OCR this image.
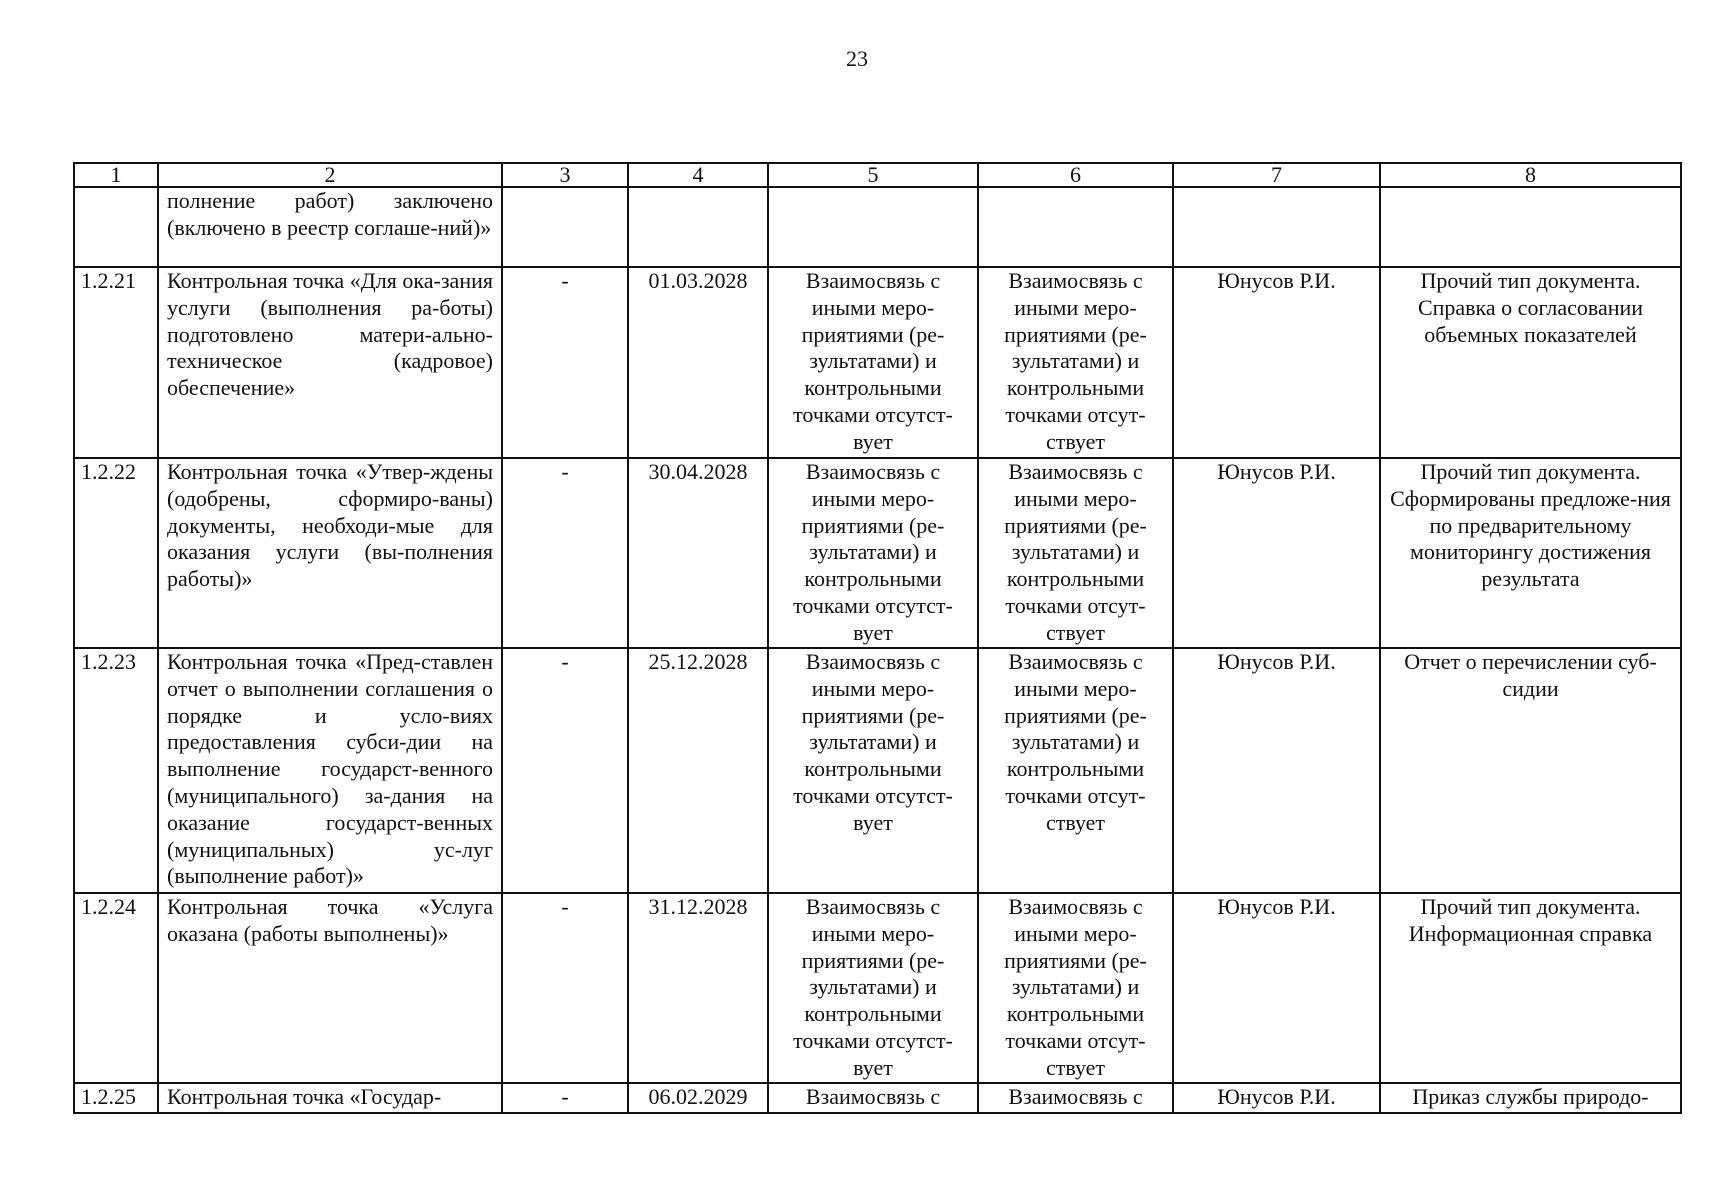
23
1	2	3	4	5	6	7	8
	полнение работ) заключено (включено в реестр соглаше-ний)»						
1.2.21	Контрольная точка «Для ока-зания услуги (выполнения ра-боты) подготовлено матери-ально-техническое (кадровое) обеспечение»	-	01.03.2028	Взаимосвязь с иными меро-приятиями (ре-зультатами) и контрольными точками отсутст-вует	Взаимосвязь с иными меро-приятиями (ре-зультатами) и контрольными точками отсут-ствует	Юнусов Р.И.	Прочий тип документа. Справка о согласовании объемных показателей
1.2.22	Контрольная точка «Утвер-ждены (одобрены, сформиро-ваны) документы, необходи-мые для оказания услуги (вы-полнения работы)»	-	30.04.2028	Взаимосвязь с иными меро-приятиями (ре-зультатами) и контрольными точками отсутст-вует	Взаимосвязь с иными меро-приятиями (ре-зультатами) и контрольными точками отсут-ствует	Юнусов Р.И.	Прочий тип документа. Сформированы предложе-ния по предварительному мониторингу достижения результата
1.2.23	Контрольная точка «Пред-ставлен отчет о выполнении соглашения о порядке и усло-виях предоставления субси-дии на выполнение государст-венного (муниципального) за-дания на оказание государст-венных (муниципальных) ус-луг (выполнение работ)»	-	25.12.2028	Взаимосвязь с иными меро-приятиями (ре-зультатами) и контрольными точками отсутст-вует	Взаимосвязь с иными меро-приятиями (ре-зультатами) и контрольными точками отсут-ствует	Юнусов Р.И.	Отчет о перечислении суб-сидии
1.2.24	Контрольная точка «Услуга оказана (работы выполнены)»	-	31.12.2028	Взаимосвязь с иными меро-приятиями (ре-зультатами) и контрольными точками отсутст-вует	Взаимосвязь с иными меро-приятиями (ре-зультатами) и контрольными точками отсут-ствует	Юнусов Р.И.	Прочий тип документа. Информационная справка
1.2.25	Контрольная точка «Государ-	-	06.02.2029	Взаимосвязь с	Взаимосвязь с	Юнусов Р.И.	Приказ службы природо-
